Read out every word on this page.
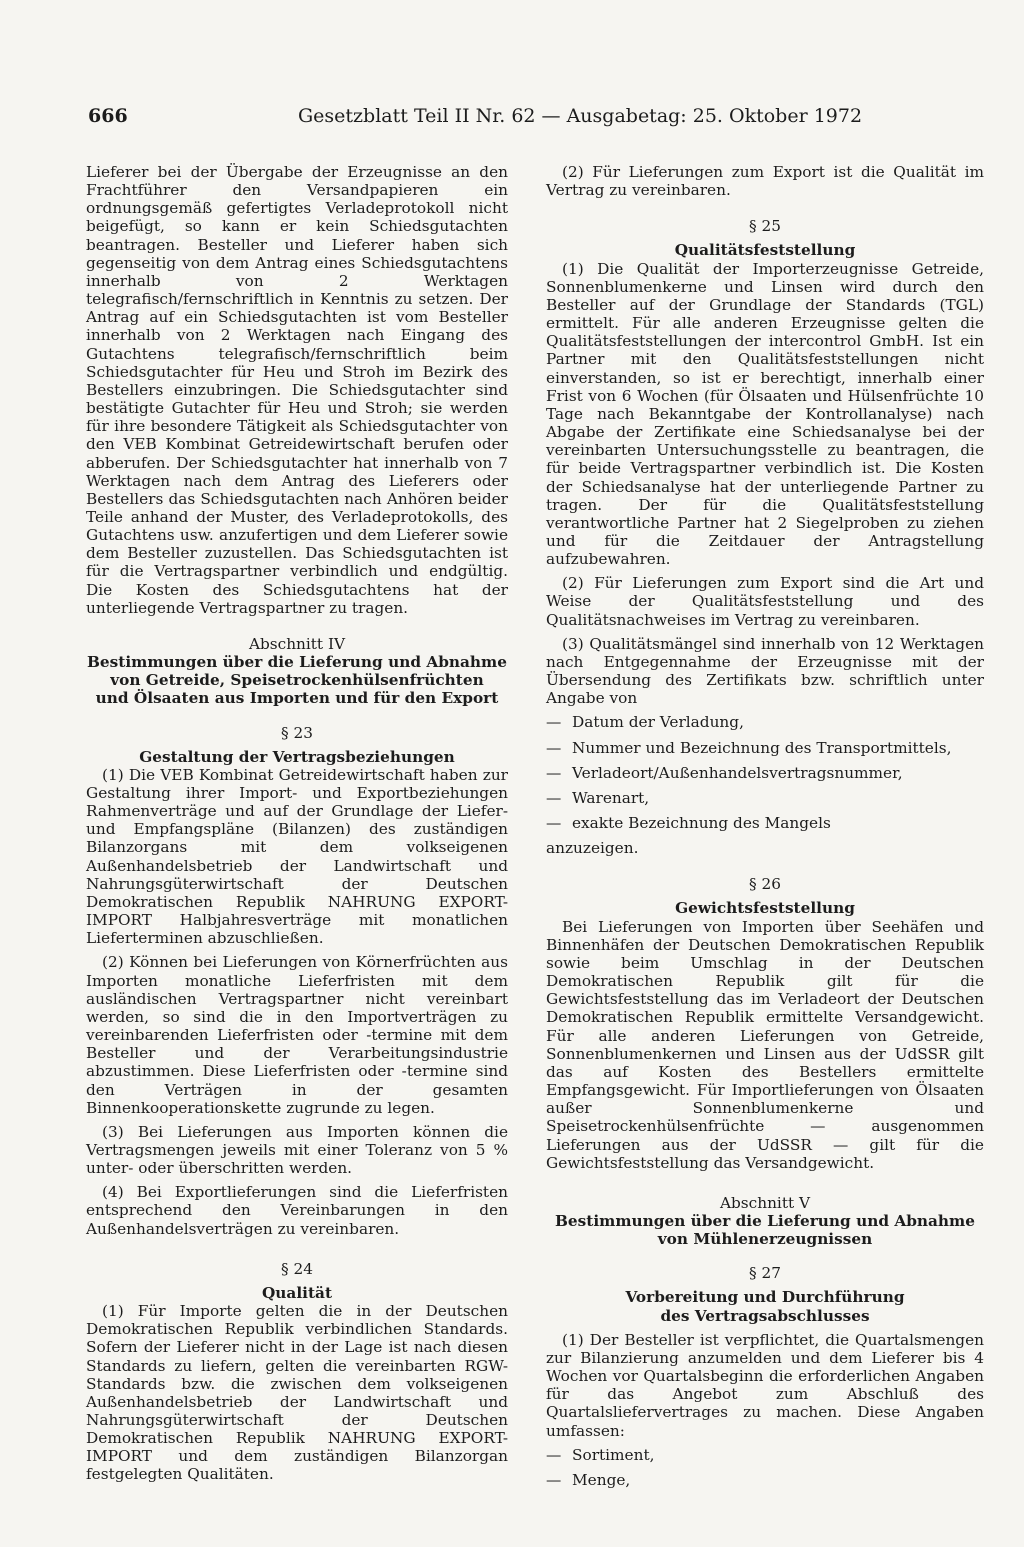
666	Gesetzblatt Teil II Nr. 62 — Ausgabetag: 25. Oktober 1972

Lieferer bei der Übergabe der Erzeugnisse an den Frachtführer den Versandpapieren ein ordnungsgemäß gefertigtes Verladeprotokoll nicht beigefügt, so kann er kein Schiedsgutachten beantragen. Besteller und Lieferer haben sich gegenseitig von dem Antrag eines Schiedsgutachtens innerhalb von 2 Werktagen telegrafisch/fernschriftlich in Kenntnis zu setzen. Der Antrag auf ein Schiedsgutachten ist vom Besteller innerhalb von 2 Werktagen nach Eingang des Gutachtens telegrafisch/fernschriftlich beim Schiedsgutachter für Heu und Stroh im Bezirk des Bestellers einzubringen. Die Schiedsgutachter sind bestätigte Gutachter für Heu und Stroh; sie werden für ihre besondere Tätigkeit als Schiedsgutachter von den VEB Kombinat Getreidewirtschaft berufen oder abberufen. Der Schiedsgutachter hat innerhalb von 7 Werktagen nach dem Antrag des Lieferers oder Bestellers das Schiedsgutachten nach Anhören beider Teile anhand der Muster, des Verladeprotokolls, des Gutachtens usw. anzufertigen und dem Lieferer sowie dem Besteller zuzustellen. Das Schiedsgutachten ist für die Vertragspartner verbindlich und endgültig. Die Kosten des Schiedsgutachtens hat der unterliegende Vertragspartner zu tragen.

Abschnitt IV

Bestimmungen über die Lieferung und Abnahme

von Getreide, Speisetrockenhülsenfrüchten

und Ölsaaten aus Importen und für den Export

§ 23

Gestaltung der Vertragsbeziehungen

(1) Die VEB Kombinat Getreidewirtschaft haben zur Gestaltung ihrer Import- und Exportbeziehungen Rahmenverträge und auf der Grundlage der Liefer- und Empfangspläne (Bilanzen) des zuständigen Bilanzorgans mit dem volkseigenen Außenhandelsbetrieb der Landwirtschaft und Nahrungsgüterwirtschaft der Deutschen Demokratischen Republik NAHRUNG EXPORT-IMPORT Halbjahresverträge mit monatlichen Lieferterminen abzuschließen.

(2) Können bei Lieferungen von Körnerfrüchten aus Importen monatliche Lieferfristen mit dem ausländischen Vertragspartner nicht vereinbart werden, so sind die in den Importverträgen zu vereinbarenden Lieferfristen oder -termine mit dem Besteller und der Verarbeitungsindustrie abzustimmen. Diese Lieferfristen oder -termine sind den Verträgen in der gesamten Binnenkooperationskette zugrunde zu legen.

(3) Bei Lieferungen aus Importen können die Vertragsmengen jeweils mit einer Toleranz von 5 % unter- oder überschritten werden.

(4) Bei Exportlieferungen sind die Lieferfristen entsprechend den Vereinbarungen in den Außenhandelsverträgen zu vereinbaren.

§ 24

Qualität

(1) Für Importe gelten die in der Deutschen Demokratischen Republik verbindlichen Standards. Sofern der Lieferer nicht in der Lage ist nach diesen Standards zu liefern, gelten die vereinbarten RGW-Standards bzw. die zwischen dem volkseigenen Außenhandelsbetrieb der Landwirtschaft und Nahrungsgüterwirtschaft der Deutschen Demokratischen Republik NAHRUNG EXPORT-IMPORT und dem zuständigen Bilanzorgan festgelegten Qualitäten.

(2) Für Lieferungen zum Export ist die Qualität im Vertrag zu vereinbaren.

§ 25

Qualitätsfeststellung

(1) Die Qualität der Importerzeugnisse Getreide, Sonnenblumenkerne und Linsen wird durch den Besteller auf der Grundlage der Standards (TGL) ermittelt. Für alle anderen Erzeugnisse gelten die Qualitätsfeststellungen der intercontrol GmbH. Ist ein Partner mit den Qualitätsfeststellungen nicht einverstanden, so ist er berechtigt, innerhalb einer Frist von 6 Wochen (für Ölsaaten und Hülsenfrüchte 10 Tage nach Bekanntgabe der Kontrollanalyse) nach Abgabe der Zertifikate eine Schiedsanalyse bei der vereinbarten Untersuchungsstelle zu beantragen, die für beide Vertragspartner verbindlich ist. Die Kosten der Schiedsanalyse hat der unterliegende Partner zu tragen. Der für die Qualitätsfeststellung verantwortliche Partner hat 2 Siegelproben zu ziehen und für die Zeitdauer der Antragstellung aufzubewahren.

(2) Für Lieferungen zum Export sind die Art und Weise der Qualitätsfeststellung und des Qualitätsnachweises im Vertrag zu vereinbaren.

(3) Qualitätsmängel sind innerhalb von 12 Werktagen nach Entgegennahme der Erzeugnisse mit der Übersendung des Zertifikats bzw. schriftlich unter Angabe von

— Datum der Verladung,
— Nummer und Bezeichnung des Transportmittels,
— Verladeort/Außenhandelsvertragsnummer,
— Warenart,
— exakte Bezeichnung des Mangels

anzuzeigen.

§ 26

Gewichtsfeststellung

Bei Lieferungen von Importen über Seehäfen und Binnenhäfen der Deutschen Demokratischen Republik sowie beim Umschlag in der Deutschen Demokratischen Republik gilt für die Gewichtsfeststellung das im Verladeort der Deutschen Demokratischen Republik ermittelte Versandgewicht. Für alle anderen Lieferungen von Getreide, Sonnenblumenkernen und Linsen aus der UdSSR gilt das auf Kosten des Bestellers ermittelte Empfangsgewicht. Für Importlieferungen von Ölsaaten außer Sonnenblumenkerne und Speisetrockenhülsenfrüchte — ausgenommen Lieferungen aus der UdSSR — gilt für die Gewichtsfeststellung das Versandgewicht.

Abschnitt V

Bestimmungen über die Lieferung und Abnahme

von Mühlenerzeugnissen

§ 27

Vorbereitung und Durchführung

des Vertragsabschlusses

(1) Der Besteller ist verpflichtet, die Quartalsmengen zur Bilanzierung anzumelden und dem Lieferer bis 4 Wochen vor Quartalsbeginn die erforderlichen Angaben für das Angebot zum Abschluß des Quartalsliefervertrages zu machen. Diese Angaben umfassen:

— Sortiment,
— Menge,
